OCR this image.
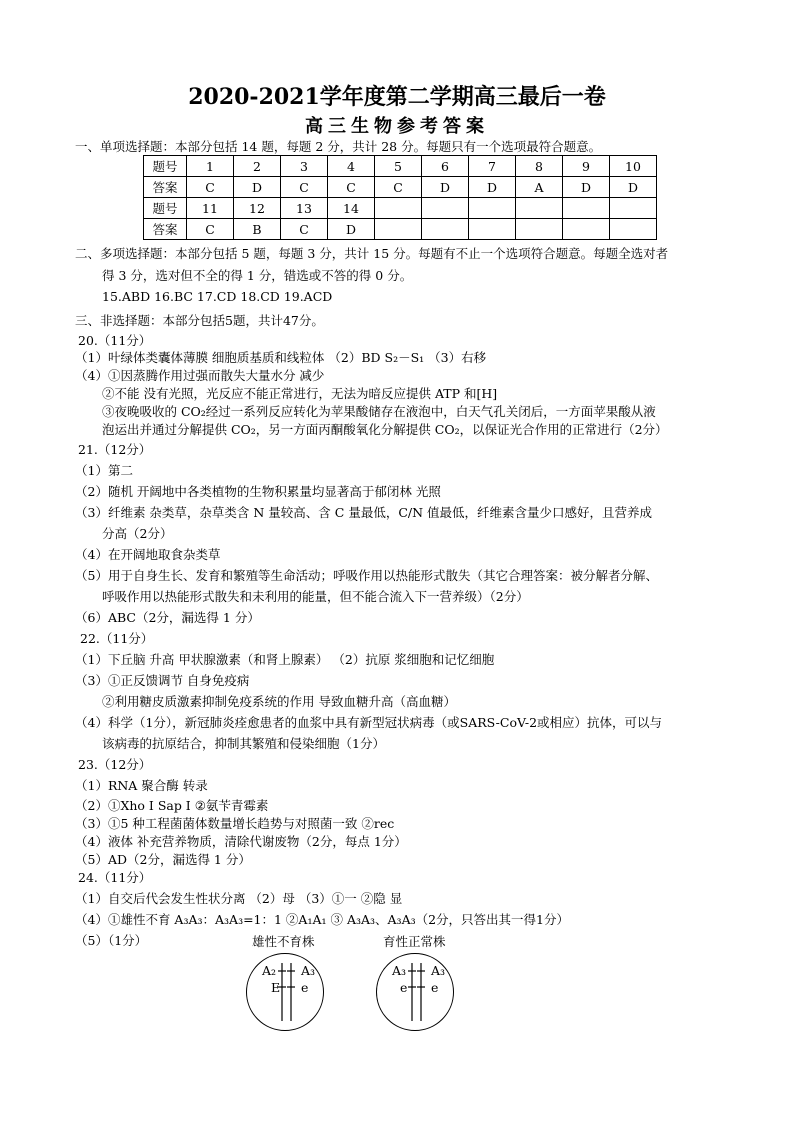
2020-2021学年度第二学期高三最后一卷
高三生物参考答案
一、单项选择题：本部分包括 14 题，每题 2 分，共计 28 分。每题只有一个选项最符合题意。
题号	1	2	3	4	5	6	7	8	9	10
答案	C	D	C	C	C	D	D	A	D	D
题号	11	12	13	14						
答案	C	B	C	D						
二、多项选择题：本部分包括 5 题，每题 3 分，共计 15 分。每题有不止一个选项符合题意。每题全选对者
得 3 分，选对但不全的得 1 分，错选或不答的得 0 分。
15.ABD 16.BC 17.CD 18.CD 19.ACD
三、非选择题：本部分包括5题，共计47分。
20.（11分）
（1）叶绿体类囊体薄膜 细胞质基质和线粒体 （2）BD S₂－S₁ （3）右移
（4）①因蒸腾作用过强而散失大量水分 减少
②不能 没有光照，光反应不能正常进行，无法为暗反应提供 ATP 和[H]
③夜晚吸收的 CO₂经过一系列反应转化为苹果酸储存在液泡中，白天气孔关闭后，一方面苹果酸从液
泡运出并通过分解提供 CO₂，另一方面丙酮酸氧化分解提供 CO₂，以保证光合作用的正常进行（2分）
21.（12分）
（1）第二
（2）随机 开阔地中各类植物的生物积累量均显著高于郁闭林 光照
（3）纤维素 杂类草，杂草类含 N 量较高、含 C 量最低，C/N 值最低，纤维素含量少口感好，且营养成
分高（2分）
（4）在开阔地取食杂类草
（5）用于自身生长、发育和繁殖等生命活动；呼吸作用以热能形式散失（其它合理答案：被分解者分解、
呼吸作用以热能形式散失和未利用的能量，但不能合流入下一营养级）（2分）
（6）ABC（2分，漏选得 1 分）
22.（11分）
（1）下丘脑 升高 甲状腺激素（和肾上腺素） （2）抗原 浆细胞和记忆细胞
（3）①正反馈调节 自身免疫病
②利用糖皮质激素抑制免疫系统的作用 导致血糖升高（高血糖）
（4）科学（1分），新冠肺炎痊愈患者的血浆中具有新型冠状病毒（或SARS-CoV-2或相应）抗体，可以与
该病毒的抗原结合，抑制其繁殖和侵染细胞（1分）
23.（12分）
（1）RNA 聚合酶 转录
（2）①Xho I Sap I ②氨苄青霉素
（3）①5 种工程菌菌体数量增长趋势与对照菌一致 ②rec
（4）液体 补充营养物质，清除代谢废物（2分，每点 1分）
（5）AD（2分，漏选得 1 分）
24.（11分）
（1）自交后代会发生性状分离 （2）母 （3）①一 ②隐 显
（4）①雄性不育 A₃A₃：A₃A₃=1：1 ②A₁A₁ ③ A₃A₃、A₃A₃（2分，只答出其一得1分）
（5）（1分）	雄性不育株	育性正常株
A₂ A₃
E e
A₃ A₃
e e
